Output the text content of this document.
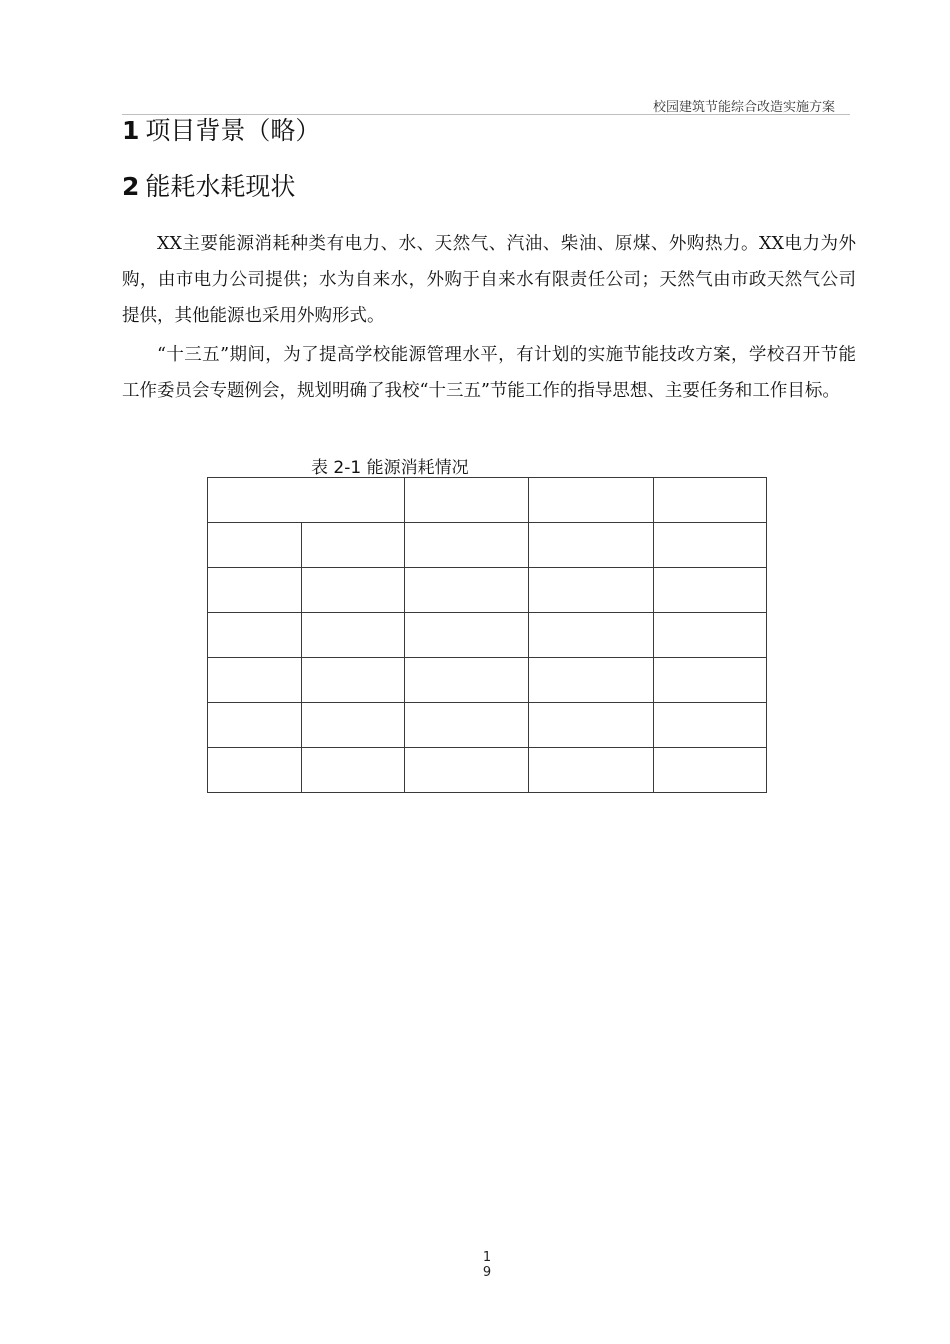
校园建筑节能综合改造实施方案
1 项目背景（略）
2 能耗水耗现状

XX主要能源消耗种类有电力、水、天然气、汽油、柴油、原煤、外购热力。XX电力为外购，由市电力公司提供；水为自来水，外购于自来水有限责任公司；天然气由市政天然气公司提供，其他能源也采用外购形式。

“十三五”期间，为了提高学校能源管理水平，有计划的实施节能技改方案，学校召开节能工作委员会专题例会，规划明确了我校“十三五”节能工作的指导思想、主要任务和工作目标。

表 2-1 能源消耗情况

1
9
